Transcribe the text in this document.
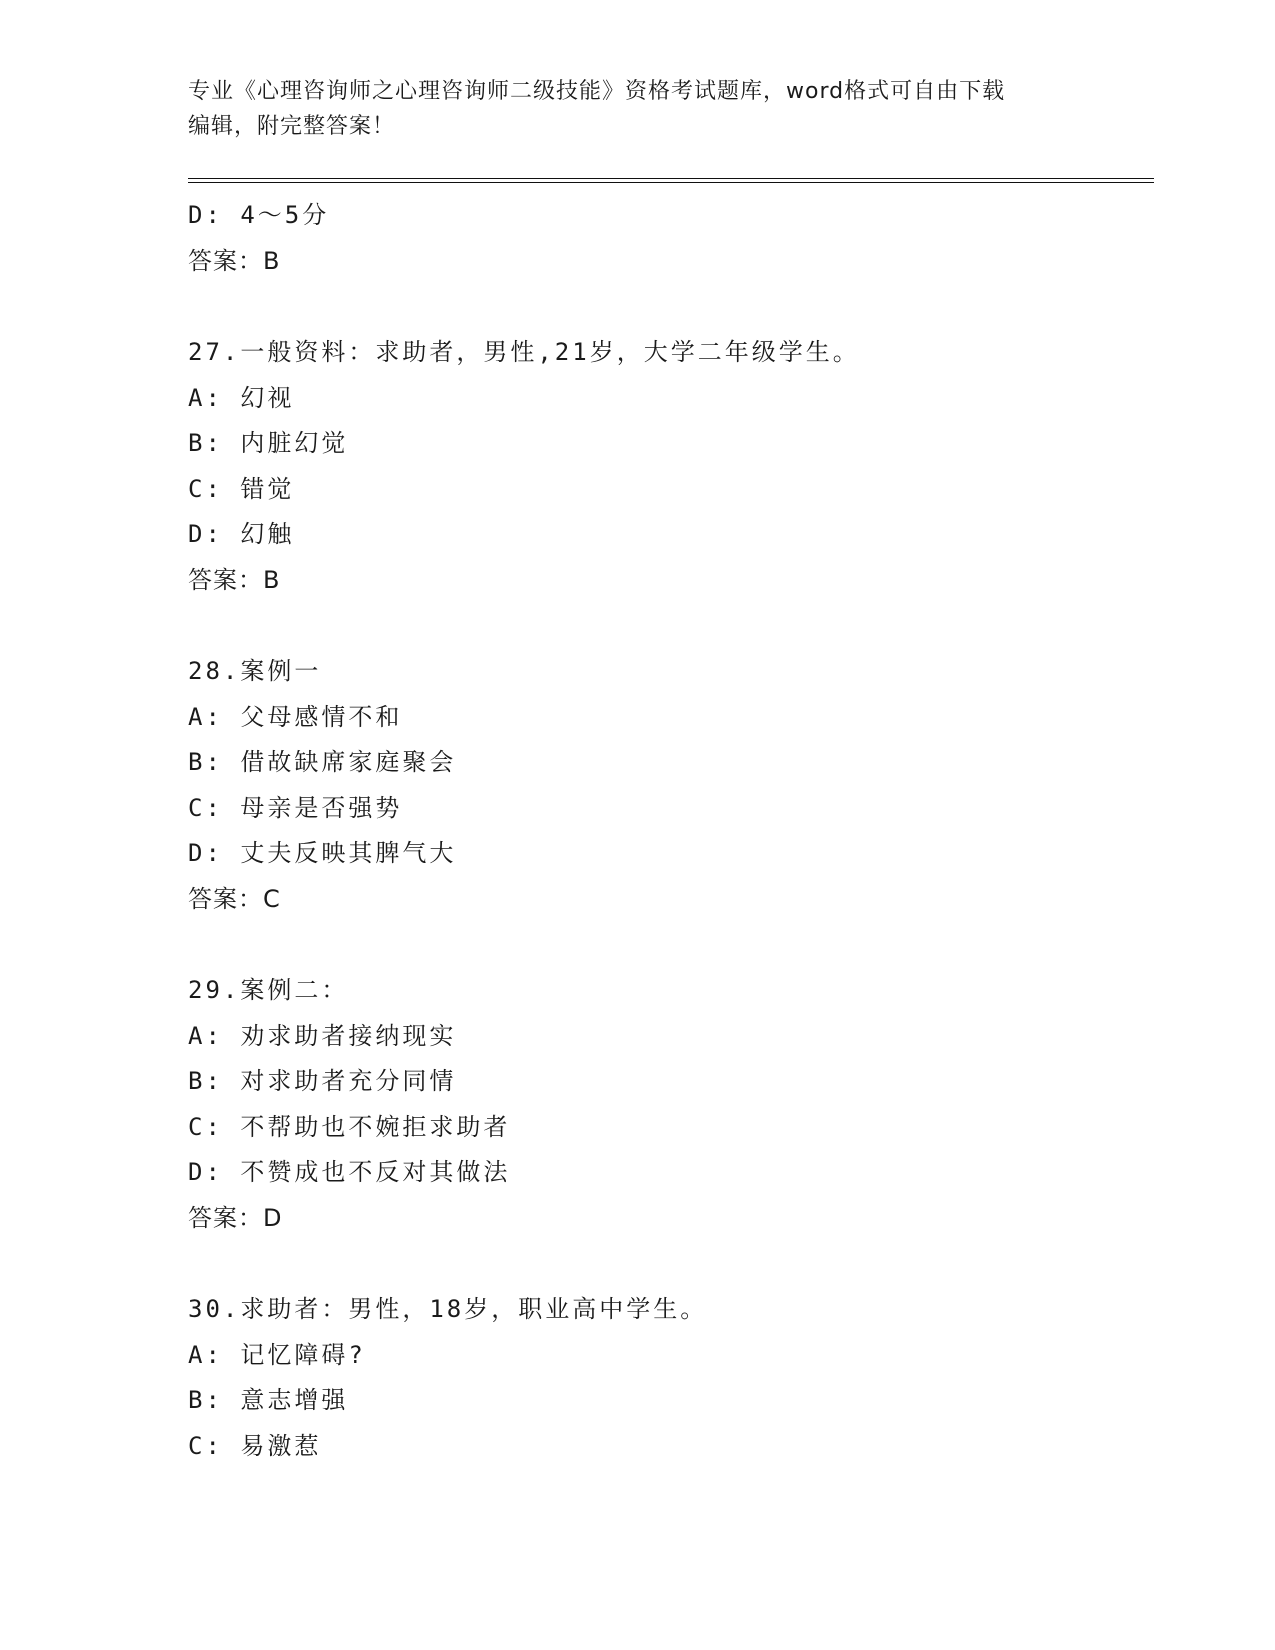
专业《心理咨询师之心理咨询师二级技能》资格考试题库，word格式可自由下载
编辑，附完整答案！
D: 4～5分
答案：B
27.一般资料：求助者，男性,21岁，大学二年级学生。
A: 幻视
B: 内脏幻觉
C: 错觉
D: 幻触
答案：B
28.案例一
A: 父母感情不和
B: 借故缺席家庭聚会
C: 母亲是否强势
D: 丈夫反映其脾气大
答案：C
29.案例二：
A: 劝求助者接纳现实
B: 对求助者充分同情
C: 不帮助也不婉拒求助者
D: 不赞成也不反对其做法
答案：D
30.求助者：男性，18岁，职业高中学生。
A: 记忆障碍?
B: 意志增强
C: 易激惹
